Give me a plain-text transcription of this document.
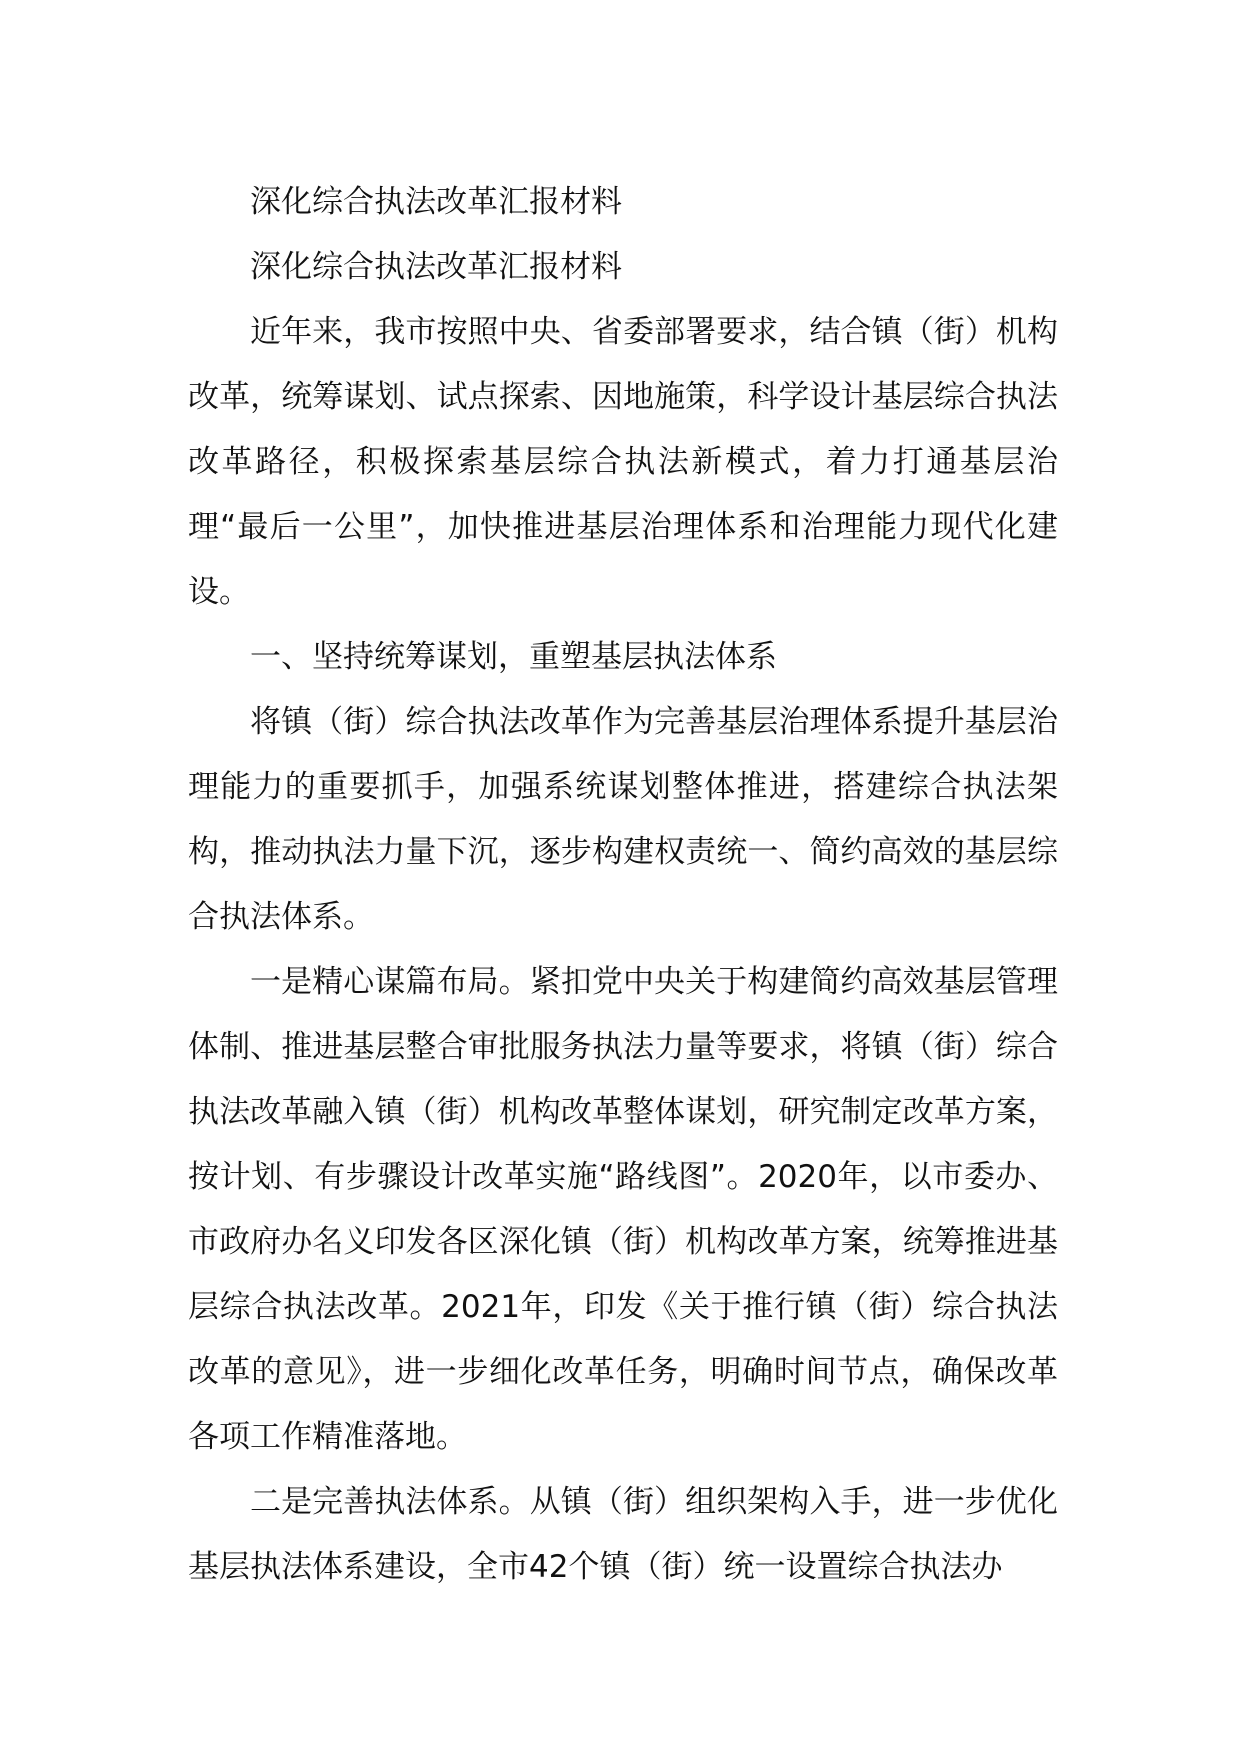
深化综合执法改革汇报材料

深化综合执法改革汇报材料

近年来，我市按照中央、省委部署要求，结合镇（街）机构改革，统筹谋划、试点探索、因地施策，科学设计基层综合执法改革路径，积极探索基层综合执法新模式，着力打通基层治理“最后一公里”，加快推进基层治理体系和治理能力现代化建设。

一、坚持统筹谋划，重塑基层执法体系

将镇（街）综合执法改革作为完善基层治理体系提升基层治理能力的重要抓手，加强系统谋划整体推进，搭建综合执法架构，推动执法力量下沉，逐步构建权责统一、简约高效的基层综合执法体系。

一是精心谋篇布局。紧扣党中央关于构建简约高效基层管理体制、推进基层整合审批服务执法力量等要求，将镇（街）综合执法改革融入镇（街）机构改革整体谋划，研究制定改革方案，按计划、有步骤设计改革实施“路线图”。2020年，以市委办、市政府办名义印发各区深化镇（街）机构改革方案，统筹推进基层综合执法改革。2021年，印发《关于推行镇（街）综合执法改革的意见》，进一步细化改革任务，明确时间节点，确保改革各项工作精准落地。

二是完善执法体系。从镇（街）组织架构入手，进一步优化基层执法体系建设，全市42个镇（街）统一设置综合执法办
